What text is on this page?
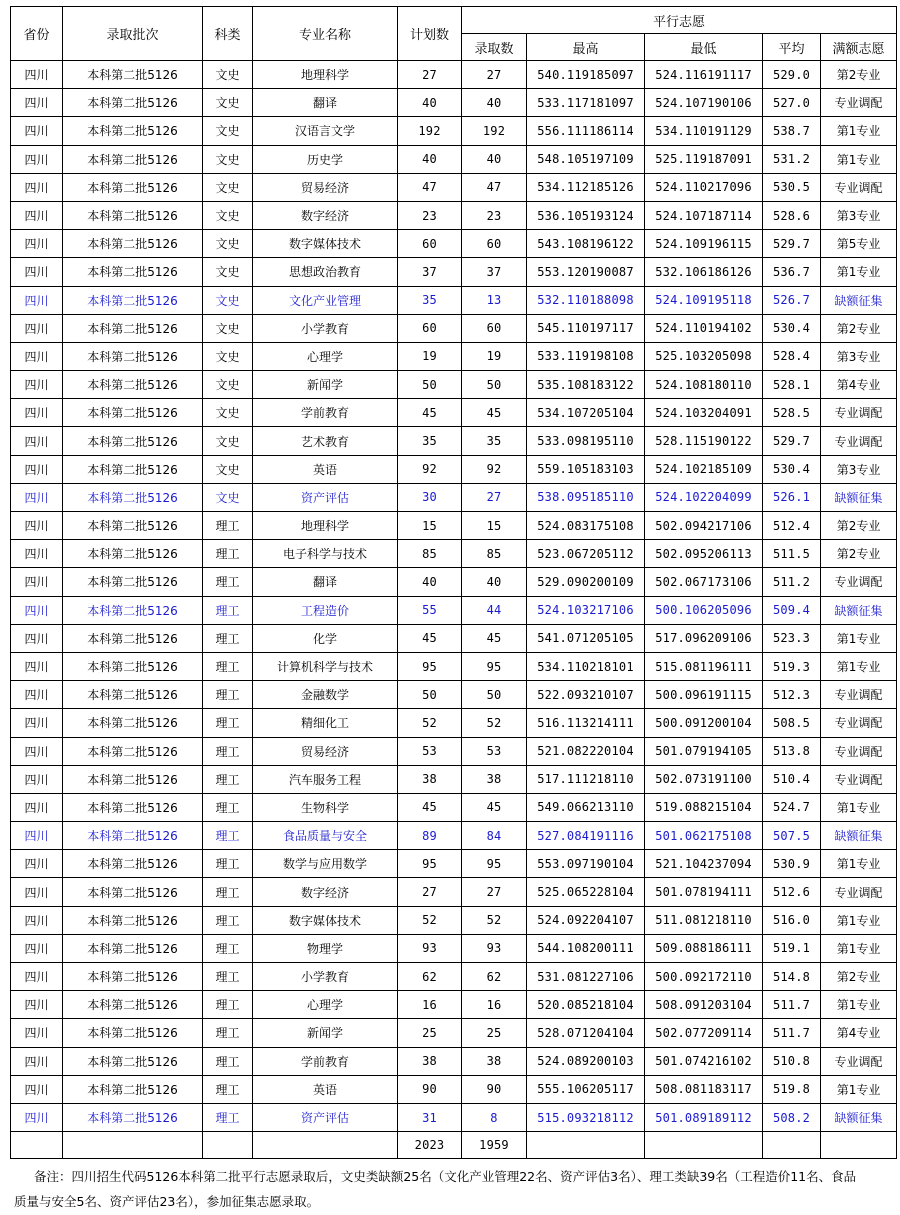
省份	录取批次	科类	专业名称	计划数	平行志愿				
					录取数	最高	最低	平均	满额志愿
四川	本科第二批5126	文史	地理科学	27	27	540.119185097	524.116191117	529.0	第2专业
四川	本科第二批5126	文史	翻译	40	40	533.117181097	524.107190106	527.0	专业调配
四川	本科第二批5126	文史	汉语言文学	192	192	556.111186114	534.110191129	538.7	第1专业
四川	本科第二批5126	文史	历史学	40	40	548.105197109	525.119187091	531.2	第1专业
四川	本科第二批5126	文史	贸易经济	47	47	534.112185126	524.110217096	530.5	专业调配
四川	本科第二批5126	文史	数字经济	23	23	536.105193124	524.107187114	528.6	第3专业
四川	本科第二批5126	文史	数字媒体技术	60	60	543.108196122	524.109196115	529.7	第5专业
四川	本科第二批5126	文史	思想政治教育	37	37	553.120190087	532.106186126	536.7	第1专业
四川	本科第二批5126	文史	文化产业管理	35	13	532.110188098	524.109195118	526.7	缺额征集
四川	本科第二批5126	文史	小学教育	60	60	545.110197117	524.110194102	530.4	第2专业
四川	本科第二批5126	文史	心理学	19	19	533.119198108	525.103205098	528.4	第3专业
四川	本科第二批5126	文史	新闻学	50	50	535.108183122	524.108180110	528.1	第4专业
四川	本科第二批5126	文史	学前教育	45	45	534.107205104	524.103204091	528.5	专业调配
四川	本科第二批5126	文史	艺术教育	35	35	533.098195110	528.115190122	529.7	专业调配
四川	本科第二批5126	文史	英语	92	92	559.105183103	524.102185109	530.4	第3专业
四川	本科第二批5126	文史	资产评估	30	27	538.095185110	524.102204099	526.1	缺额征集
四川	本科第二批5126	理工	地理科学	15	15	524.083175108	502.094217106	512.4	第2专业
四川	本科第二批5126	理工	电子科学与技术	85	85	523.067205112	502.095206113	511.5	第2专业
四川	本科第二批5126	理工	翻译	40	40	529.090200109	502.067173106	511.2	专业调配
四川	本科第二批5126	理工	工程造价	55	44	524.103217106	500.106205096	509.4	缺额征集
四川	本科第二批5126	理工	化学	45	45	541.071205105	517.096209106	523.3	第1专业
四川	本科第二批5126	理工	计算机科学与技术	95	95	534.110218101	515.081196111	519.3	第1专业
四川	本科第二批5126	理工	金融数学	50	50	522.093210107	500.096191115	512.3	专业调配
四川	本科第二批5126	理工	精细化工	52	52	516.113214111	500.091200104	508.5	专业调配
四川	本科第二批5126	理工	贸易经济	53	53	521.082220104	501.079194105	513.8	专业调配
四川	本科第二批5126	理工	汽车服务工程	38	38	517.111218110	502.073191100	510.4	专业调配
四川	本科第二批5126	理工	生物科学	45	45	549.066213110	519.088215104	524.7	第1专业
四川	本科第二批5126	理工	食品质量与安全	89	84	527.084191116	501.062175108	507.5	缺额征集
四川	本科第二批5126	理工	数学与应用数学	95	95	553.097190104	521.104237094	530.9	第1专业
四川	本科第二批5126	理工	数字经济	27	27	525.065228104	501.078194111	512.6	专业调配
四川	本科第二批5126	理工	数字媒体技术	52	52	524.092204107	511.081218110	516.0	第1专业
四川	本科第二批5126	理工	物理学	93	93	544.108200111	509.088186111	519.1	第1专业
四川	本科第二批5126	理工	小学教育	62	62	531.081227106	500.092172110	514.8	第2专业
四川	本科第二批5126	理工	心理学	16	16	520.085218104	508.091203104	511.7	第1专业
四川	本科第二批5126	理工	新闻学	25	25	528.071204104	502.077209114	511.7	第4专业
四川	本科第二批5126	理工	学前教育	38	38	524.089200103	501.074216102	510.8	专业调配
四川	本科第二批5126	理工	英语	90	90	555.106205117	508.081183117	519.8	第1专业
四川	本科第二批5126	理工	资产评估	31	8	515.093218112	501.089189112	508.2	缺额征集
				2023	1959				
备注：四川招生代码5126本科第二批平行志愿录取后，文史类缺额25名（文化产业管理22名、资产评估3名）、理工类缺39名（工程造价11名、食品
质量与安全5名、资产评估23名），参加征集志愿录取。
